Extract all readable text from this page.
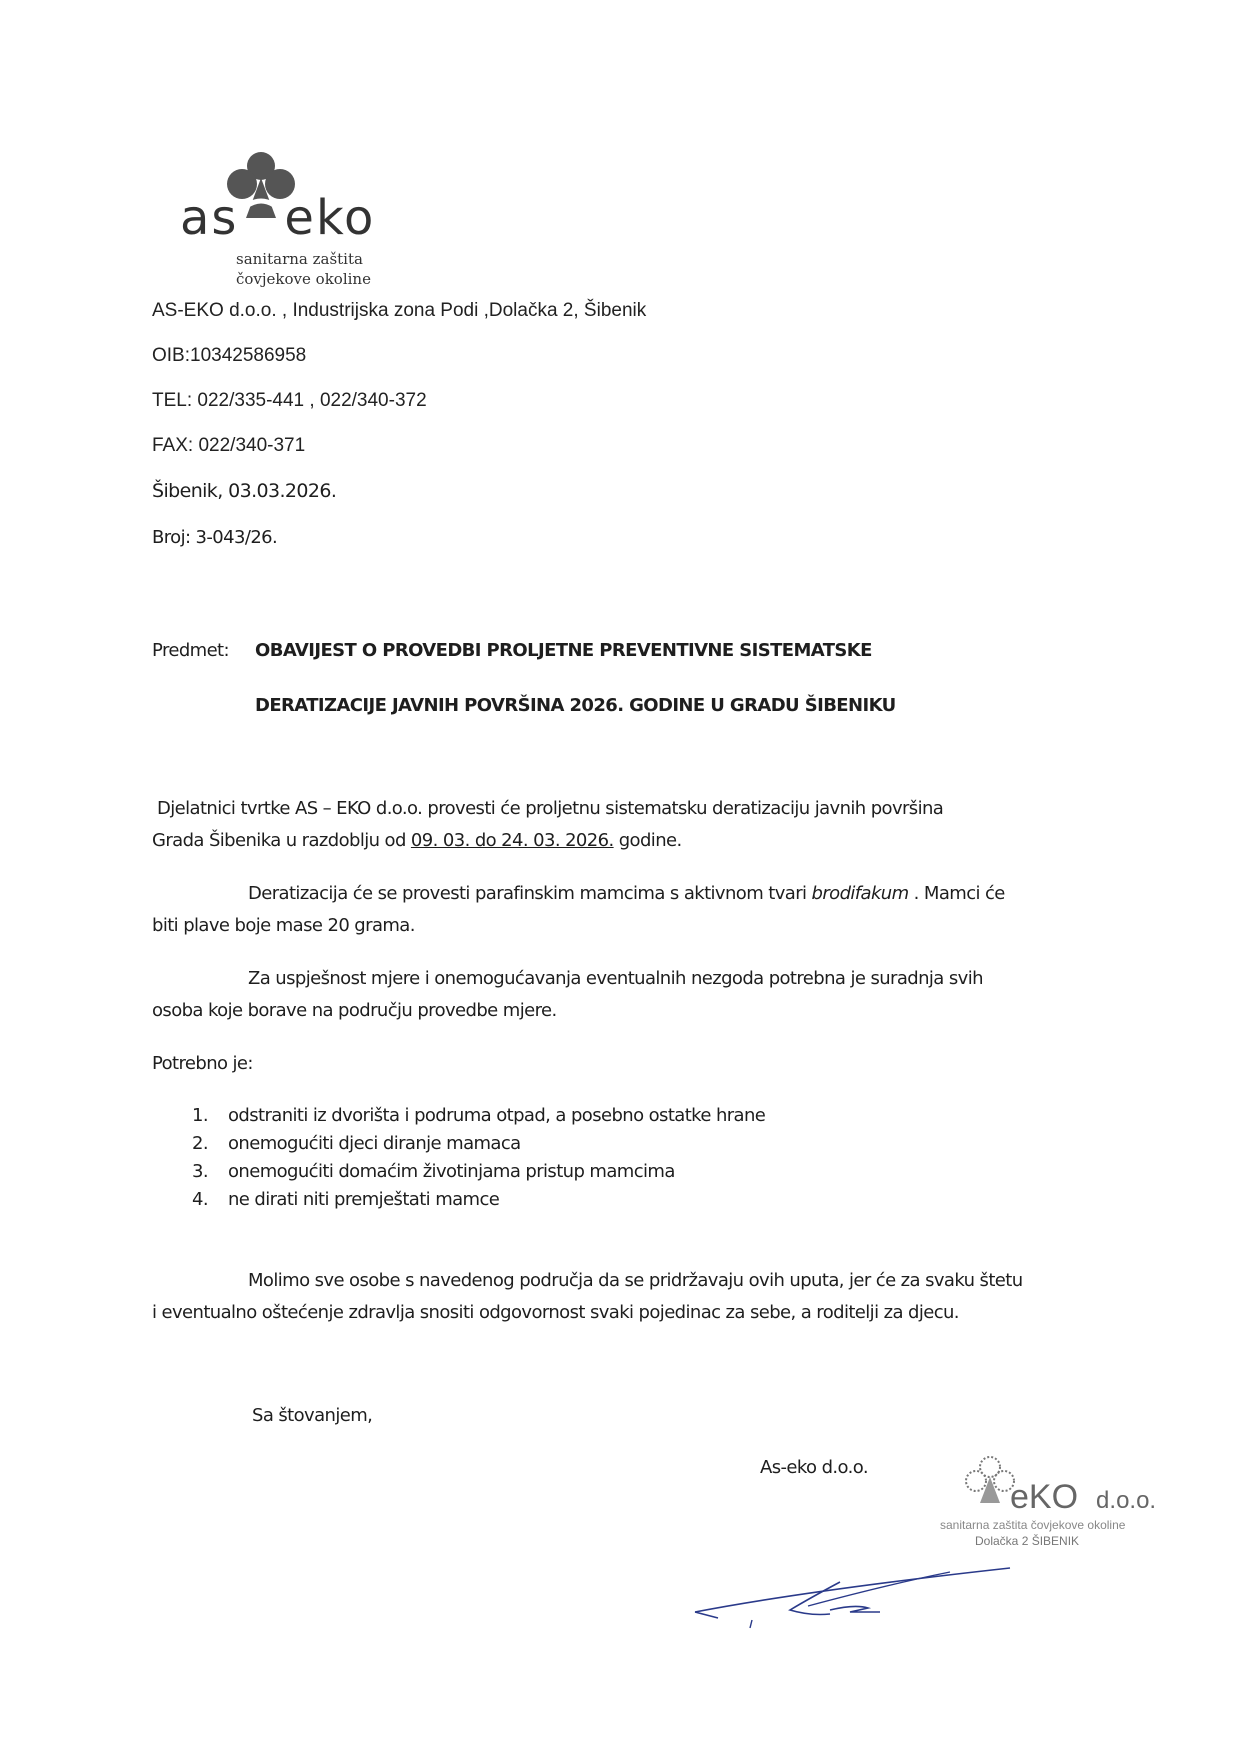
as eko
sanitarna zaštita
čovjekove okoline
AS-EKO d.o.o. , Industrijska zona Podi ,Dolačka 2, Šibenik
OIB:10342586958
TEL: 022/335-441 , 022/340-372
FAX: 022/340-371
Šibenik, 03.03.2026.
Broj: 3-043/26.
Predmet: OBAVIJEST O PROVEDBI PROLJETNE PREVENTIVNE SISTEMATSKE
DERATIZACIJE JAVNIH POVRŠINA 2026. GODINE U GRADU ŠIBENIKU
Djelatnici tvrtke AS – EKO d.o.o. provesti će proljetnu sistematsku deratizaciju javnih površina
Grada Šibenika u razdoblju od 09. 03. do 24. 03. 2026. godine.
Deratizacija će se provesti parafinskim mamcima s aktivnom tvari brodifakum . Mamci će
biti plave boje mase 20 grama.
Za uspješnost mjere i onemogućavanja eventualnih nezgoda potrebna je suradnja svih
osoba koje borave na području provedbe mjere.
Potrebno je:
1. odstraniti iz dvorišta i podruma otpad, a posebno ostatke hrane
2. onemogućiti djeci diranje mamaca
3. onemogućiti domaćim životinjama pristup mamcima
4. ne dirati niti premještati mamce
Molimo sve osobe s navedenog područja da se pridržavaju ovih uputa, jer će za svaku štetu
i eventualno oštećenje zdravlja snositi odgovornost svaki pojedinac za sebe, a roditelji za djecu.
Sa štovanjem,
As-eko d.o.o.
eKO d.o.o.
sanitarna zaštita čovjekove okoline
Dolačka 2 ŠIBENIK
